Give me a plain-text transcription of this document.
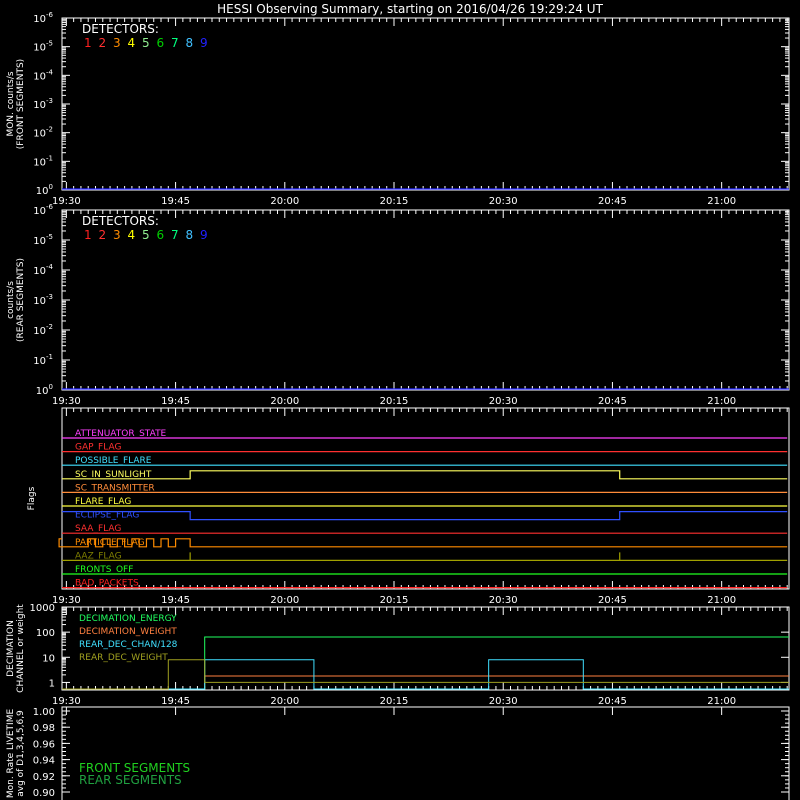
HESSI Observing Summary, starting on 2016/04/26 19:29:24 UT
$10^0$
$10^{-1}$
$10^{-2}$
$10^{-3}$
$10^{-4}$
$10^{-5}$
$10^{-6}$
19:30	19:45	20:00	20:15	20:30	20:45	21:00
MON. counts/s (FRONT SEGMENTS)
DETECTORS:
1 2 3 4 5 6 7 8 9
$10^0$
$10^{-1}$
$10^{-2}$
$10^{-3}$
$10^{-4}$
$10^{-5}$
$10^{-6}$
19:30	19:45	20:00	20:15	20:30	20:45	21:00
counts/s (REAR SEGMENTS)
DETECTORS:
1 2 3 4 5 6 7 8 9
19:30	19:45	20:00	20:15	20:30	20:45	21:00
Flags
ATTENUATOR_STATE
GAP_FLAG
POSSIBLE_FLARE
SC_IN_SUNLIGHT
SC_TRANSMITTER
FLARE_FLAG
ECLIPSE_FLAG
SAA_FLAG
PARTICLE_FLAG
AAZ_FLAG
FRONTS_OFF
BAD_PACKETS
19:30	19:45	20:00	20:15	20:30	20:45	21:00
DECIMATION CHANNEL or weight 1
10
100
1000
DECIMATION_ENERGY
DECIMATION_WEIGHT
REAR_DEC_CHAN/128
REAR_DEC_WEIGHT
Mon. Rate LIVETIME avg of D1,3,4,5,6,9 0.90
0.92
0.94
0.96
0.98
1.00
FRONT SEGMENTS
REAR SEGMENTS
